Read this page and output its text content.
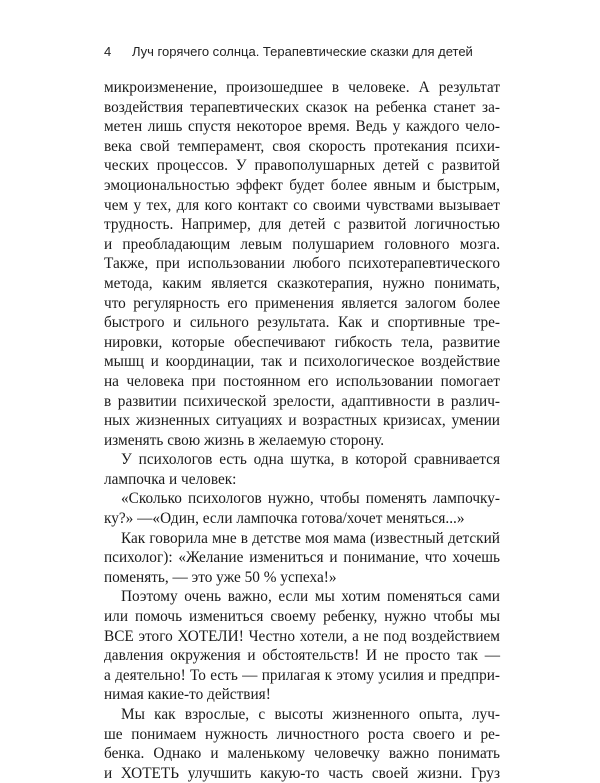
4 Луч горячего солнца. Терапевтические сказки для детей
микроизменение, произошедшее в человеке. А результат
воздействия терапевтических сказок на ребенка станет за-
метен лишь спустя некоторое время. Ведь у каждого чело-
века свой темперамент, своя скорость протекания психи-
ческих процессов. У правополушарных детей с развитой
эмоциональностью эффект будет более явным и быстрым,
чем у тех, для кого контакт со своими чувствами вызывает
трудность. Например, для детей с развитой логичностью
и преобладающим левым полушарием головного мозга.
Также, при использовании любого психотерапевтического
метода, каким является сказкотерапия, нужно понимать,
что регулярность его применения является залогом более
быстрого и сильного результата. Как и спортивные тре-
нировки, которые обеспечивают гибкость тела, развитие
мышц и координации, так и психологическое воздействие
на человека при постоянном его использовании помогает
в развитии психической зрелости, адаптивности в различ-
ных жизненных ситуациях и возрастных кризисах, умении
изменять свою жизнь в желаемую сторону.
У психологов есть одна шутка, в которой сравнивается
лампочка и человек:
«Сколько психологов нужно, чтобы поменять лампочку-
ку?» —«Один, если лампочка готова/хочет меняться...»
Как говорила мне в детстве моя мама (известный детский
психолог): «Желание измениться и понимание, что хочешь
поменять, — это уже 50 % успеха!»
Поэтому очень важно, если мы хотим поменяться сами
или помочь измениться своему ребенку, нужно чтобы мы
ВСЕ этого ХОТЕЛИ! Честно хотели, а не под воздействием
давления окружения и обстоятельств! И не просто так —
а деятельно! То есть — прилагая к этому усилия и предпри-
нимая какие-то действия!
Мы как взрослые, с высоты жизненного опыта, луч-
ше понимаем нужность личностного роста своего и ре-
бенка. Однако и маленькому человечку важно понимать
и ХОТЕТЬ улучшить какую-то часть своей жизни. Груз
